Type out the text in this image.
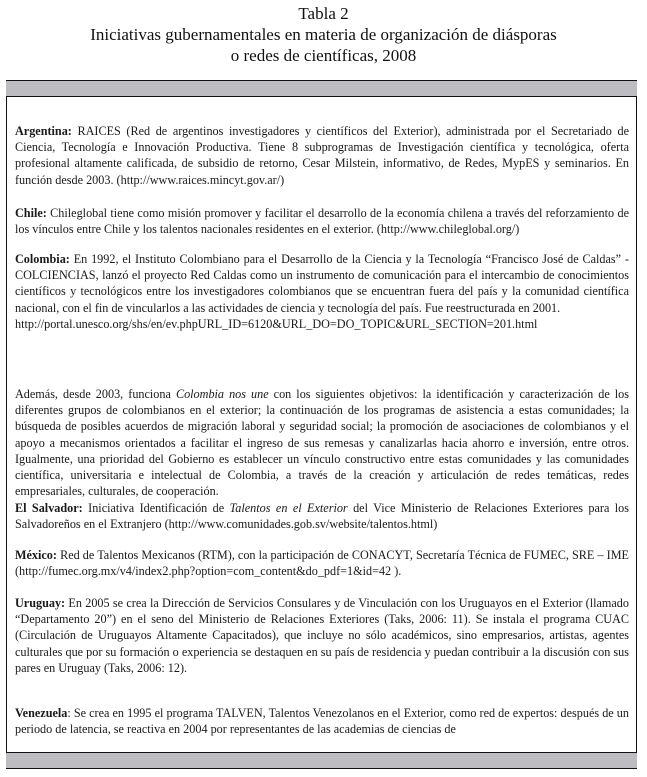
Tabla 2
Iniciativas gubernamentales en materia de organización de diásporas
o redes de científicas, 2008

Argentina: RAICES (Red de argentinos investigadores y científicos del Exterior), administrada por el Secretariado de Ciencia, Tecnología e Innovación Productiva. Tiene 8 subprogramas de Investigación científica y tecnológica, oferta profesional altamente calificada, de subsidio de retorno, Cesar Milstein, informativo, de Redes, MypES y seminarios. En función desde 2003. (http://www.raices.mincyt.gov.ar/)

Chile: Chileglobal tiene como misión promover y facilitar el desarrollo de la economía chilena a través del reforzamiento de los vínculos entre Chile y los talentos nacionales residentes en el exterior. (http://www.chileglobal.org/)

Colombia: En 1992, el Instituto Colombiano para el Desarrollo de la Ciencia y la Tecnología “Francisco José de Caldas” - COLCIENCIAS, lanzó el proyecto Red Caldas como un instrumento de comunicación para el intercambio de conocimientos científicos y tecnológicos entre los investigadores colombianos que se encuentran fuera del país y la comunidad científica nacional, con el fin de vincularlos a las actividades de ciencia y tecnología del país. Fue reestructurada en 2001.
http://portal.unesco.org/shs/en/ev.phpURL_ID=6120&URL_DO=DO_TOPIC&URL_SECTION=201.html

Además, desde 2003, funciona Colombia nos une con los siguientes objetivos: la identificación y caracterización de los diferentes grupos de colombianos en el exterior; la continuación de los programas de asistencia a estas comunidades; la búsqueda de posibles acuerdos de migración laboral y seguridad social; la promoción de asociaciones de colombianos y el apoyo a mecanismos orientados a facilitar el ingreso de sus remesas y canalizarlas hacia ahorro e inversión, entre otros. Igualmente, una prioridad del Gobierno es establecer un vínculo constructivo entre estas comunidades y las comunidades científica, universitaria e intelectual de Colombia, a través de la creación y articulación de redes temáticas, redes empresariales, culturales, de cooperación.

El Salvador: Iniciativa Identificación de Talentos en el Exterior del Vice Ministerio de Relaciones Exteriores para los Salvadoreños en el Extranjero (http://www.comunidades.gob.sv/website/talentos.html)

México: Red de Talentos Mexicanos (RTM), con la participación de CONACYT, Secretaría Técnica de FUMEC, SRE – IME (http://fumec.org.mx/v4/index2.php?option=com_content&do_pdf=1&id=42 ).

Uruguay: En 2005 se crea la Dirección de Servicios Consulares y de Vinculación con los Uruguayos en el Exterior (llamado “Departamento 20”) en el seno del Ministerio de Relaciones Exteriores (Taks, 2006: 11). Se instala el programa CUAC (Circulación de Uruguayos Altamente Capacitados), que incluye no sólo académicos, sino empresarios, artistas, agentes culturales que por su formación o experiencia se destaquen en su país de residencia y puedan contribuir a la discusión con sus pares en Uruguay (Taks, 2006: 12).

Venezuela: Se crea en 1995 el programa TALVEN, Talentos Venezolanos en el Exterior, como red de expertos: después de un periodo de latencia, se reactiva en 2004 por representantes de las academias de ciencias de
